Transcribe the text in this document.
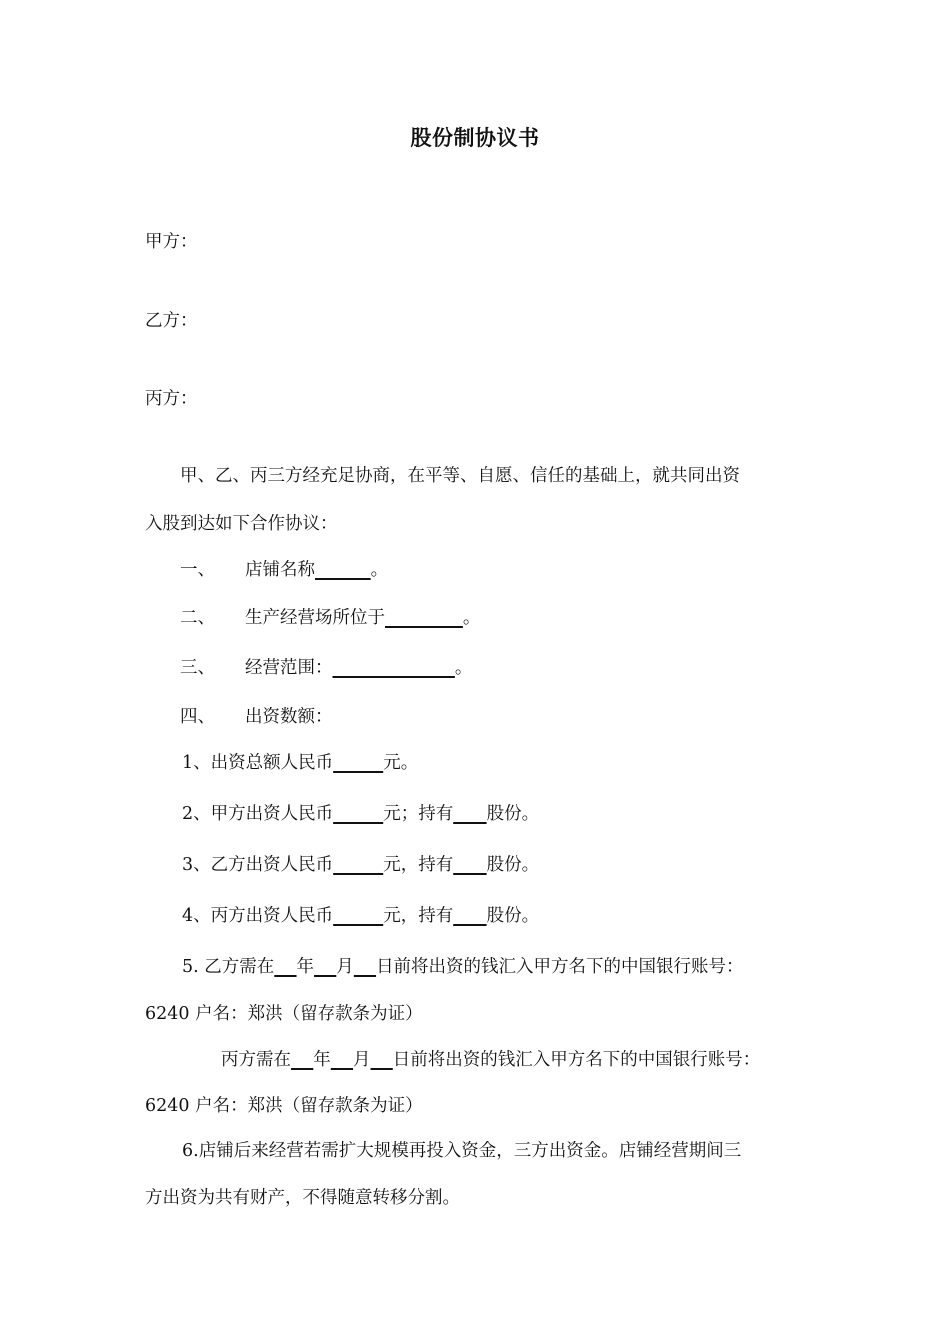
股份制协议书
甲方：
乙方：
丙方：
甲、乙、丙三方经充足协商，在平等、自愿、信任的基础上，就共同出资
入股到达如下合作协议：
一、 店铺名称	。
二、 生产经营场所位于	。
三、 经营范围：	。
四、 出资数额：
1、出资总额人民币	元。
2、甲方出资人民币	元；持有 股份。
3、乙方出资人民币	元，持有 股份。
4、丙方出资人民币	元，持有 股份。
5. 乙方需在 年 月 日前将出资的钱汇入甲方名下的中国银行账号：
6240 户名：郑洪（留存款条为证）
丙方需在 年 月 日前将出资的钱汇入甲方名下的中国银行账号：
6240 户名：郑洪（留存款条为证）
6.店铺后来经营若需扩大规模再投入资金，三方出资金。店铺经营期间三
方出资为共有财产，不得随意转移分割。
